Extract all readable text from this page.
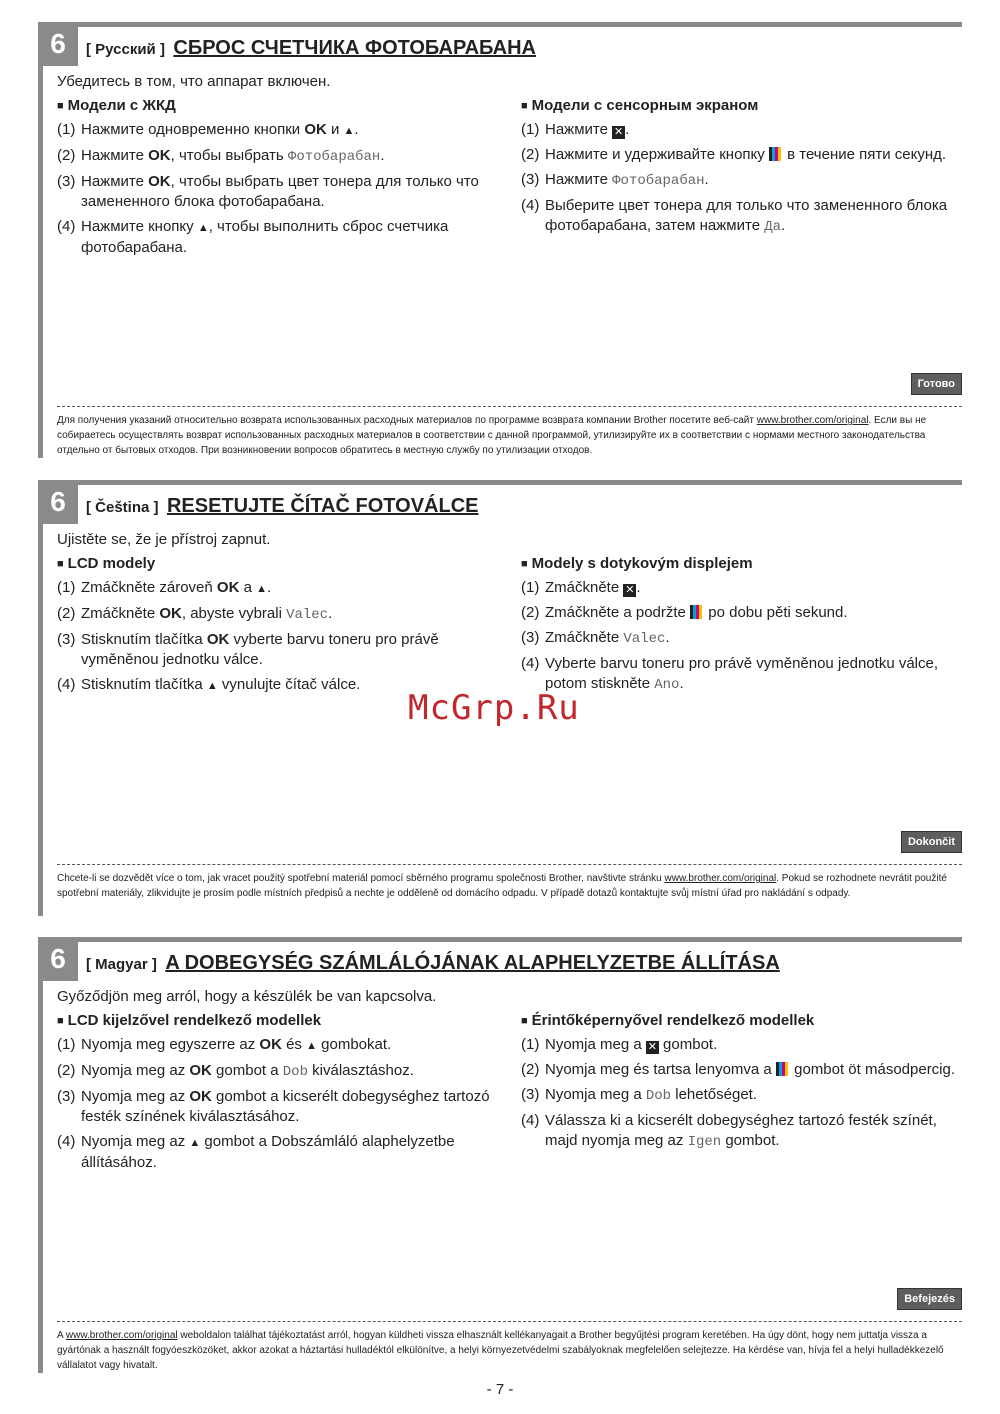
6	[ Русский ] СБРОС СЧЕТЧИКА ФОТОБАРАБАНА
Убедитесь в том, что аппарат включен.
■ Модели с ЖКД
(1) Нажмите одновременно кнопки OK и ▲.
(2) Нажмите OK, чтобы выбрать Фотобарабан.
(3) Нажмите OK, чтобы выбрать цвет тонера для только что замененного блока фотобарабана.
(4) Нажмите кнопку ▲, чтобы выполнить сброс счетчика фотобарабана.
■ Модели с сенсорным экраном
(1) Нажмите ✕ .
(2) Нажмите и удерживайте кнопку
в течение пяти секунд.
(3) Нажмите Фотобарабан.
(4) Выберите цвет тонера для только что замененного блока фотобарабана, затем нажмите Да.
Готово
Для получения указаний относительно возврата использованных расходных материалов по программе возврата компании Brother посетите веб-сайт www.brother.com/original. Если вы не собираетесь осуществлять возврат использованных расходных материалов в соответствии с данной программой, утилизируйте их в соответствии с нормами местного законодательства отдельно от бытовых отходов. При возникновении вопросов обратитесь в местную службу по утилизации отходов.
6	[ Čeština ] RESETUJTE ČÍTAČ FOTOVÁLCE
Ujistěte se, že je přístroj zapnut.
■ LCD modely
(1) Zmáčkněte zároveň OK a ▲.
(2) Zmáčkněte OK, abyste vybrali Valec.
(3) Stisknutím tlačítka OK vyberte barvu toneru pro právě vyměněnou jednotku válce.
(4) Stisknutím tlačítka ▲ vynulujte čítač válce.
■ Modely s dotykovým displejem
(1) Zmáčkněte ✕ .
(2) Zmáčkněte a podržte
po dobu pěti sekund.
(3) Zmáčkněte Valec.
(4) Vyberte barvu toneru pro právě vyměněnou jednotku válce, potom stiskněte Ano.
Dokončit
Chcete-li se dozvědět více o tom, jak vracet použitý spotřební materiál pomocí sběrného programu společnosti Brother, navštivte stránku www.brother.com/original. Pokud se rozhodnete nevrátit použité spotřební materiály, zlikvidujte je prosím podle místních předpisů a nechte je odděleně od domácího odpadu. V případě dotazů kontaktujte svůj místní úřad pro nakládání s odpady.
6	[ Magyar ] A DOBEGYSÉG SZÁMLÁLÓJÁNAK ALAPHELYZETBE ÁLLÍTÁSA
Győződjön meg arról, hogy a készülék be van kapcsolva.
■ LCD kijelzővel rendelkező modellek
(1) Nyomja meg egyszerre az OK és ▲ gombokat.
(2) Nyomja meg az OK gombot a Dob kiválasztáshoz.
(3) Nyomja meg az OK gombot a kicserélt dobegységhez tartozó festék színének kiválasztásához.
(4) Nyomja meg az ▲ gombot a Dobszámláló alaphelyzetbe állításához.
■ Érintőképernyővel rendelkező modellek
(1) Nyomja meg a ✕ gombot.
(2) Nyomja meg és tartsa lenyomva a
gombot öt másodpercig.
(3) Nyomja meg a Dob lehetőséget.
(4) Válassza ki a kicserélt dobegységhez tartozó festék színét, majd nyomja meg az Igen gombot.
Befejezés
A www.brother.com/original weboldalon találhat tájékoztatást arról, hogyan küldheti vissza elhasznált kellékanyagait a Brother begyűjtési program keretében. Ha úgy dönt, hogy nem juttatja vissza a gyártónak a használt fogyóeszközöket, akkor azokat a háztartási hulladéktól elkülönítve, a helyi környezetvédelmi szabályoknak megfelelően selejtezze. Ha kérdése van, hívja fel a helyi hulladékkezelő vállalatot vagy hivatalt.
McGrp.Ru
- 7 -
